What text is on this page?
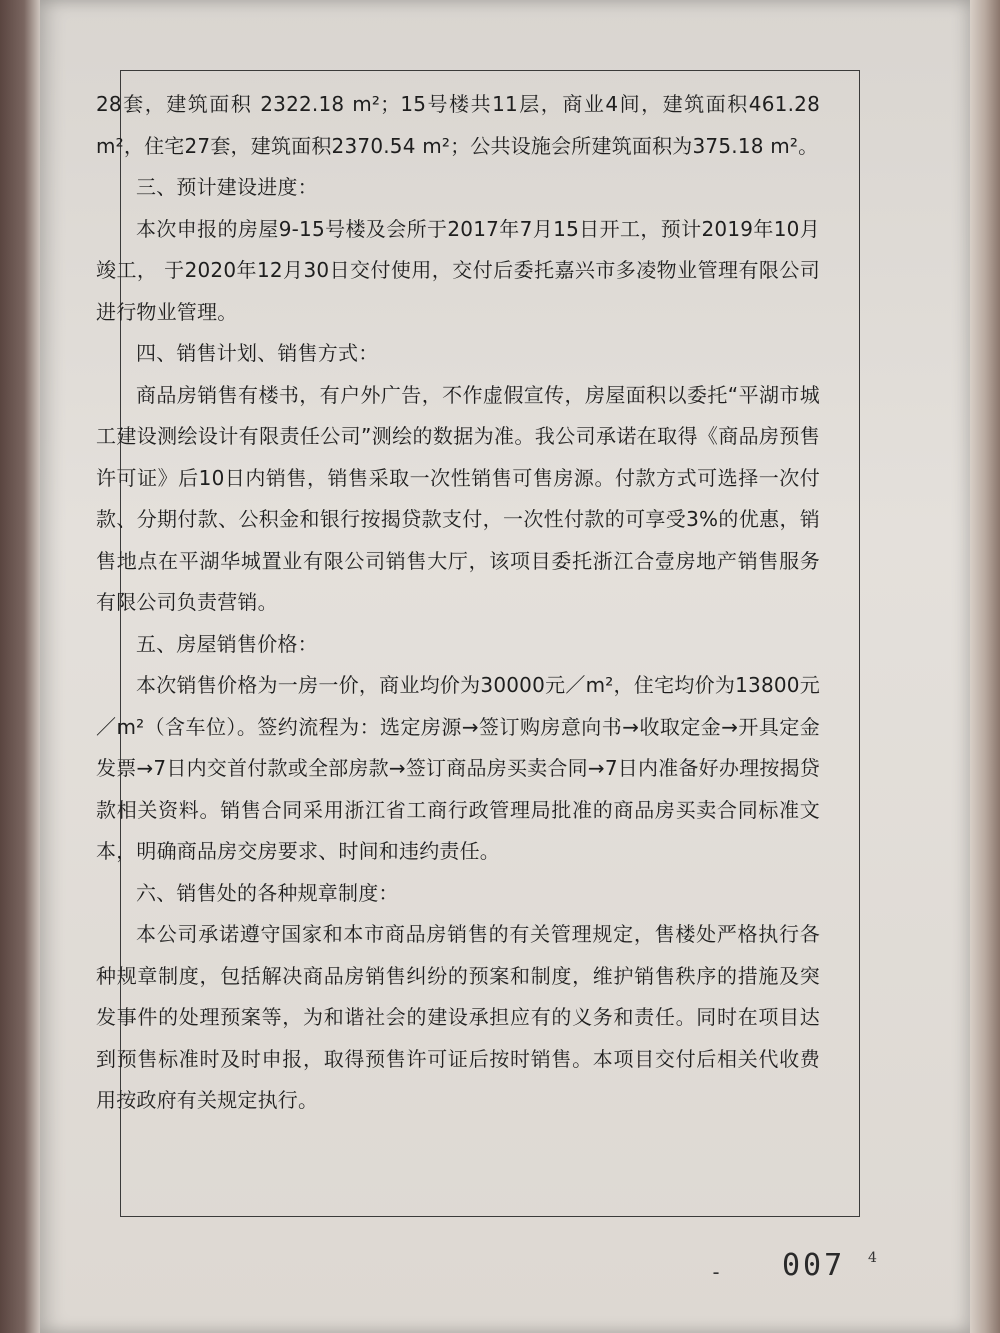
28套，建筑面积 2322.18 m²；15号楼共11层，商业4间，建筑面积461.28 m²，住宅27套，建筑面积2370.54 m²；公共设施会所建筑面积为375.18 m²。

三、预计建设进度：

本次申报的房屋9-15号楼及会所于2017年7月15日开工，预计2019年10月竣工， 于2020年12月30日交付使用，交付后委托嘉兴市多凌物业管理有限公司进行物业管理。

四、销售计划、销售方式：

商品房销售有楼书，有户外广告，不作虚假宣传，房屋面积以委托“平湖市城工建设测绘设计有限责任公司”测绘的数据为准。我公司承诺在取得《商品房预售许可证》后10日内销售，销售采取一次性销售可售房源。付款方式可选择一次付款、分期付款、公积金和银行按揭贷款支付，一次性付款的可享受3%的优惠，销售地点在平湖华城置业有限公司销售大厅，该项目委托浙江合壹房地产销售服务有限公司负责营销。

五、房屋销售价格：

本次销售价格为一房一价，商业均价为30000元／m²，住宅均价为13800元／m²（含车位）。签约流程为：选定房源→签订购房意向书→收取定金→开具定金发票→7日内交首付款或全部房款→签订商品房买卖合同→7日内准备好办理按揭贷款相关资料。销售合同采用浙江省工商行政管理局批准的商品房买卖合同标准文本，明确商品房交房要求、时间和违约责任。

六、销售处的各种规章制度：

本公司承诺遵守国家和本市商品房销售的有关管理规定，售楼处严格执行各种规章制度，包括解决商品房销售纠纷的预案和制度，维护销售秩序的措施及突发事件的处理预案等，为和谐社会的建设承担应有的义务和责任。同时在项目达到预售标准时及时申报，取得预售许可证后按时销售。本项目交付后相关代收费用按政府有关规定执行。

- 007 4
